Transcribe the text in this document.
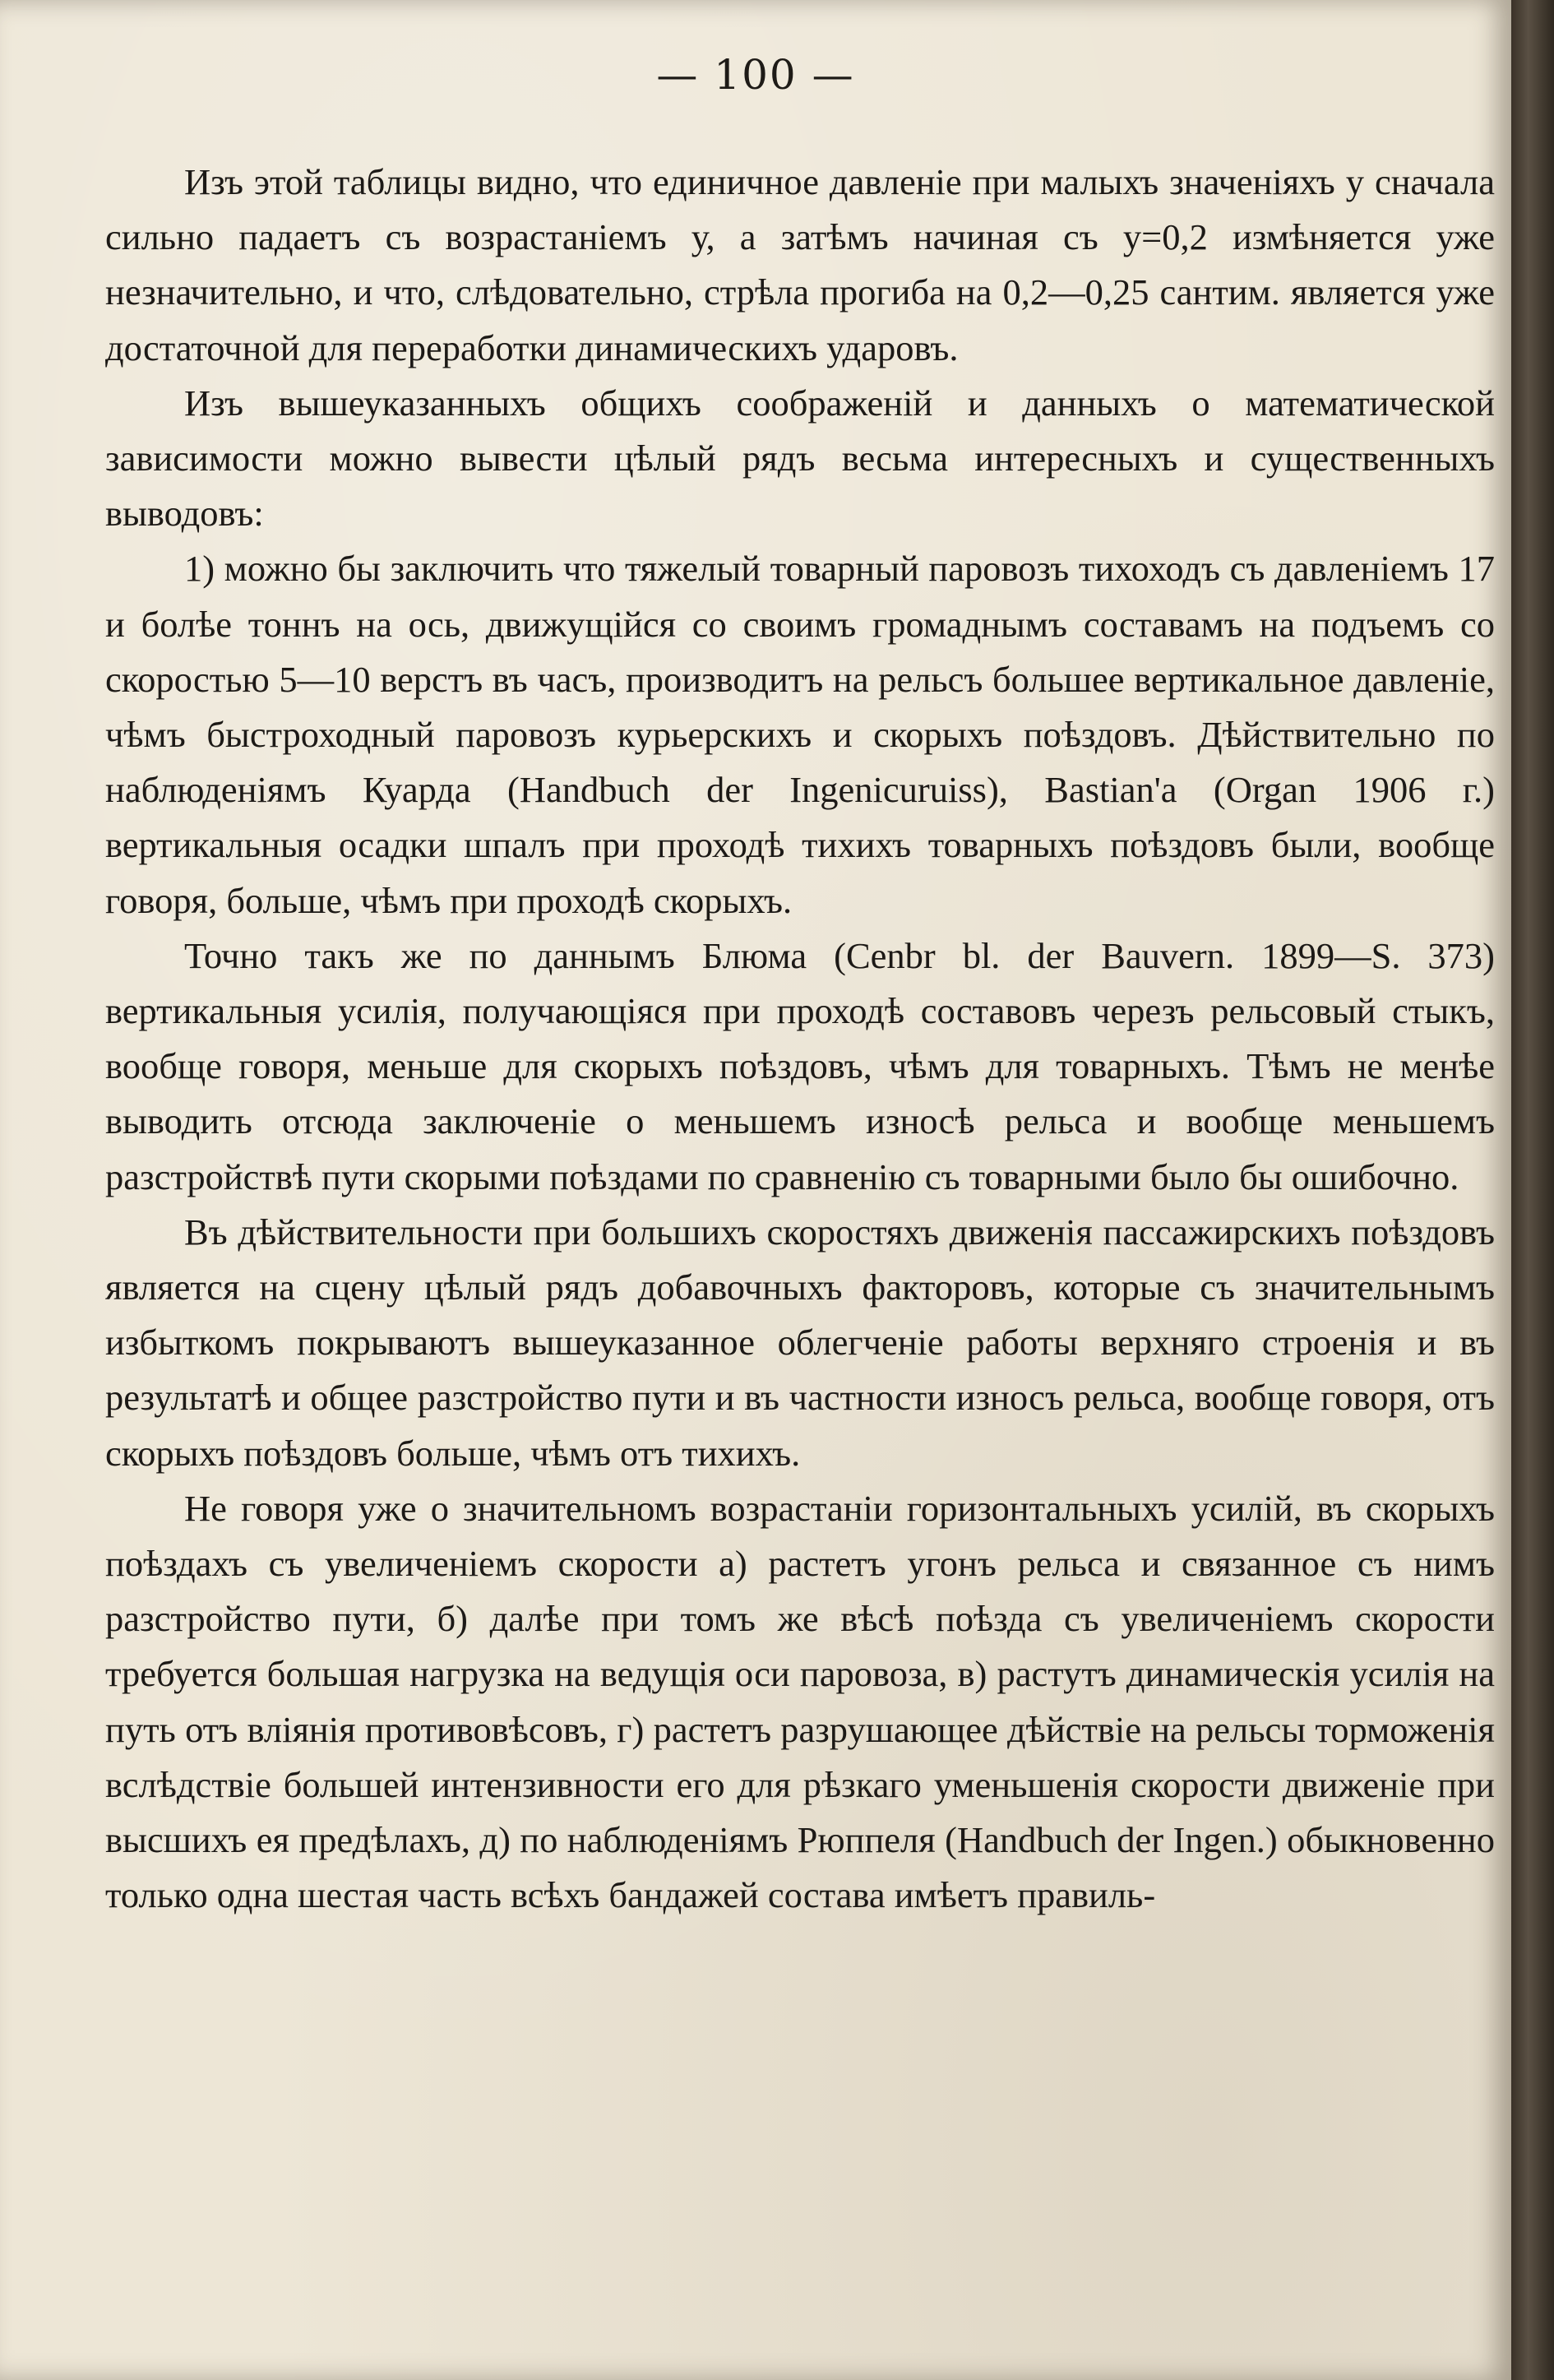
— 100 —

Изъ этой таблицы видно, что единичное давленіе при малыхъ значеніяхъ у сначала сильно падаетъ съ возрастаніемъ у, а затѣмъ начиная съ у=0,2 измѣняется уже незначительно, и что, слѣдовательно, стрѣла прогиба на 0,2—0,25 сантим. является уже достаточной для переработки динамическихъ ударовъ.

Изъ вышеуказанныхъ общихъ соображеній и данныхъ о математической зависимости можно вывести цѣлый рядъ весьма интересныхъ и существенныхъ выводовъ:

1) можно бы заключить что тяжелый товарный паровозъ тихоходъ съ давленіемъ 17 и болѣе тоннъ на ось, движущійся со своимъ громаднымъ составамъ на подъемъ со скоростью 5—10 верстъ въ часъ, производитъ на рельсъ большее вертикальное давленіе, чѣмъ быстроходный паровозъ курьерскихъ и скорыхъ поѣздовъ. Дѣйствительно по наблюденіямъ Куарда (Handbuch der Ingenicuruiss), Bastian'a (Organ 1906 г.) вертикальныя осадки шпалъ при проходѣ тихихъ товарныхъ поѣздовъ были, вообще говоря, больше, чѣмъ при проходѣ скорыхъ.

Точно такъ же по даннымъ Блюма (Cenbr bl. der Bauvern. 1899—S. 373) вертикальныя усилія, получающіяся при проходѣ составовъ черезъ рельсовый стыкъ, вообще говоря, меньше для скорыхъ поѣздовъ, чѣмъ для товарныхъ. Тѣмъ не менѣе выводить отсюда заключеніе о меньшемъ износѣ рельса и вообще меньшемъ разстройствѣ пути скорыми поѣздами по сравненію съ товарными было бы ошибочно.

Въ дѣйствительности при большихъ скоростяхъ движенія пассажирскихъ поѣздовъ является на сцену цѣлый рядъ добавочныхъ факторовъ, которые съ значительнымъ избыткомъ покрываютъ вышеуказанное облегченіе работы верхняго строенія и въ результатѣ и общее разстройство пути и въ частности износъ рельса, вообще говоря, отъ скорыхъ поѣздовъ больше, чѣмъ отъ тихихъ.

Не говоря уже о значительномъ возрастаніи горизонтальныхъ усилій, въ скорыхъ поѣздахъ съ увеличеніемъ скорости а) растетъ угонъ рельса и связанное съ нимъ разстройство пути, б) далѣе при томъ же вѣсѣ поѣзда съ увеличеніемъ скорости требуется большая нагрузка на ведущія оси паровоза, в) растутъ динамическія усилія на путь отъ вліянія противовѣсовъ, г) растетъ разрушающее дѣйствіе на рельсы торможенія вслѣдствіе большей интензивности его для рѣзкаго уменьшенія скорости движеніе при высшихъ ея предѣлахъ, д) по наблюденіямъ Рюппеля (Handbuch der Ingen.) обыкновенно только одна шестая часть всѣхъ бандажей состава имѣетъ правиль-
